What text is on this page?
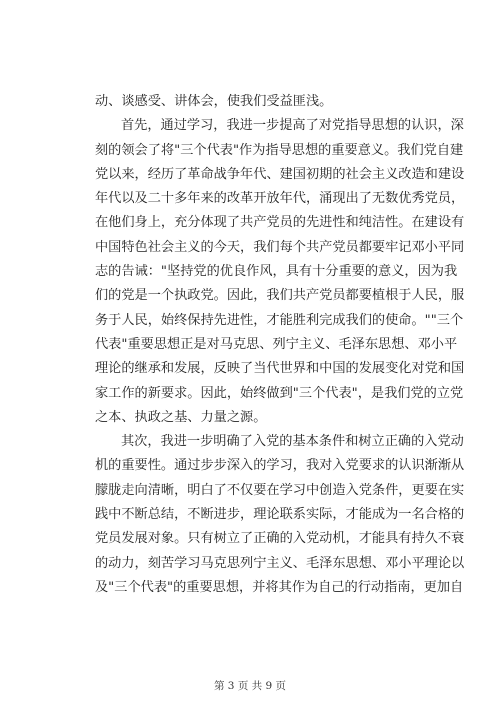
动、谈感受、讲体会，使我们受益匪浅。
首先，通过学习，我进一步提高了对党指导思想的认识，深
刻的领会了将"三个代表"作为指导思想的重要意义。我们党自建
党以来，经历了革命战争年代、建国初期的社会主义改造和建设
年代以及二十多年来的改革开放年代，涌现出了无数优秀党员，
在他们身上，充分体现了共产党员的先进性和纯洁性。在建设有
中国特色社会主义的今天，我们每个共产党员都要牢记邓小平同
志的告诫："坚持党的优良作风，具有十分重要的意义，因为我
们的党是一个执政党。因此，我们共产党员都要植根于人民，服
务于人民，始终保持先进性，才能胜利完成我们的使命。""三个
代表"重要思想正是对马克思、列宁主义、毛泽东思想、邓小平
理论的继承和发展，反映了当代世界和中国的发展变化对党和国
家工作的新要求。因此，始终做到"三个代表"，是我们党的立党
之本、执政之基、力量之源。
其次，我进一步明确了入党的基本条件和树立正确的入党动
机的重要性。通过步步深入的学习，我对入党要求的认识渐渐从
朦胧走向清晰，明白了不仅要在学习中创造入党条件，更要在实
践中不断总结，不断进步，理论联系实际，才能成为一名合格的
党员发展对象。只有树立了正确的入党动机，才能具有持久不衰
的动力，刻苦学习马克思列宁主义、毛泽东思想、邓小平理论以
及"三个代表"的重要思想，并将其作为自己的行动指南，更加自
第 3 页 共 9 页
